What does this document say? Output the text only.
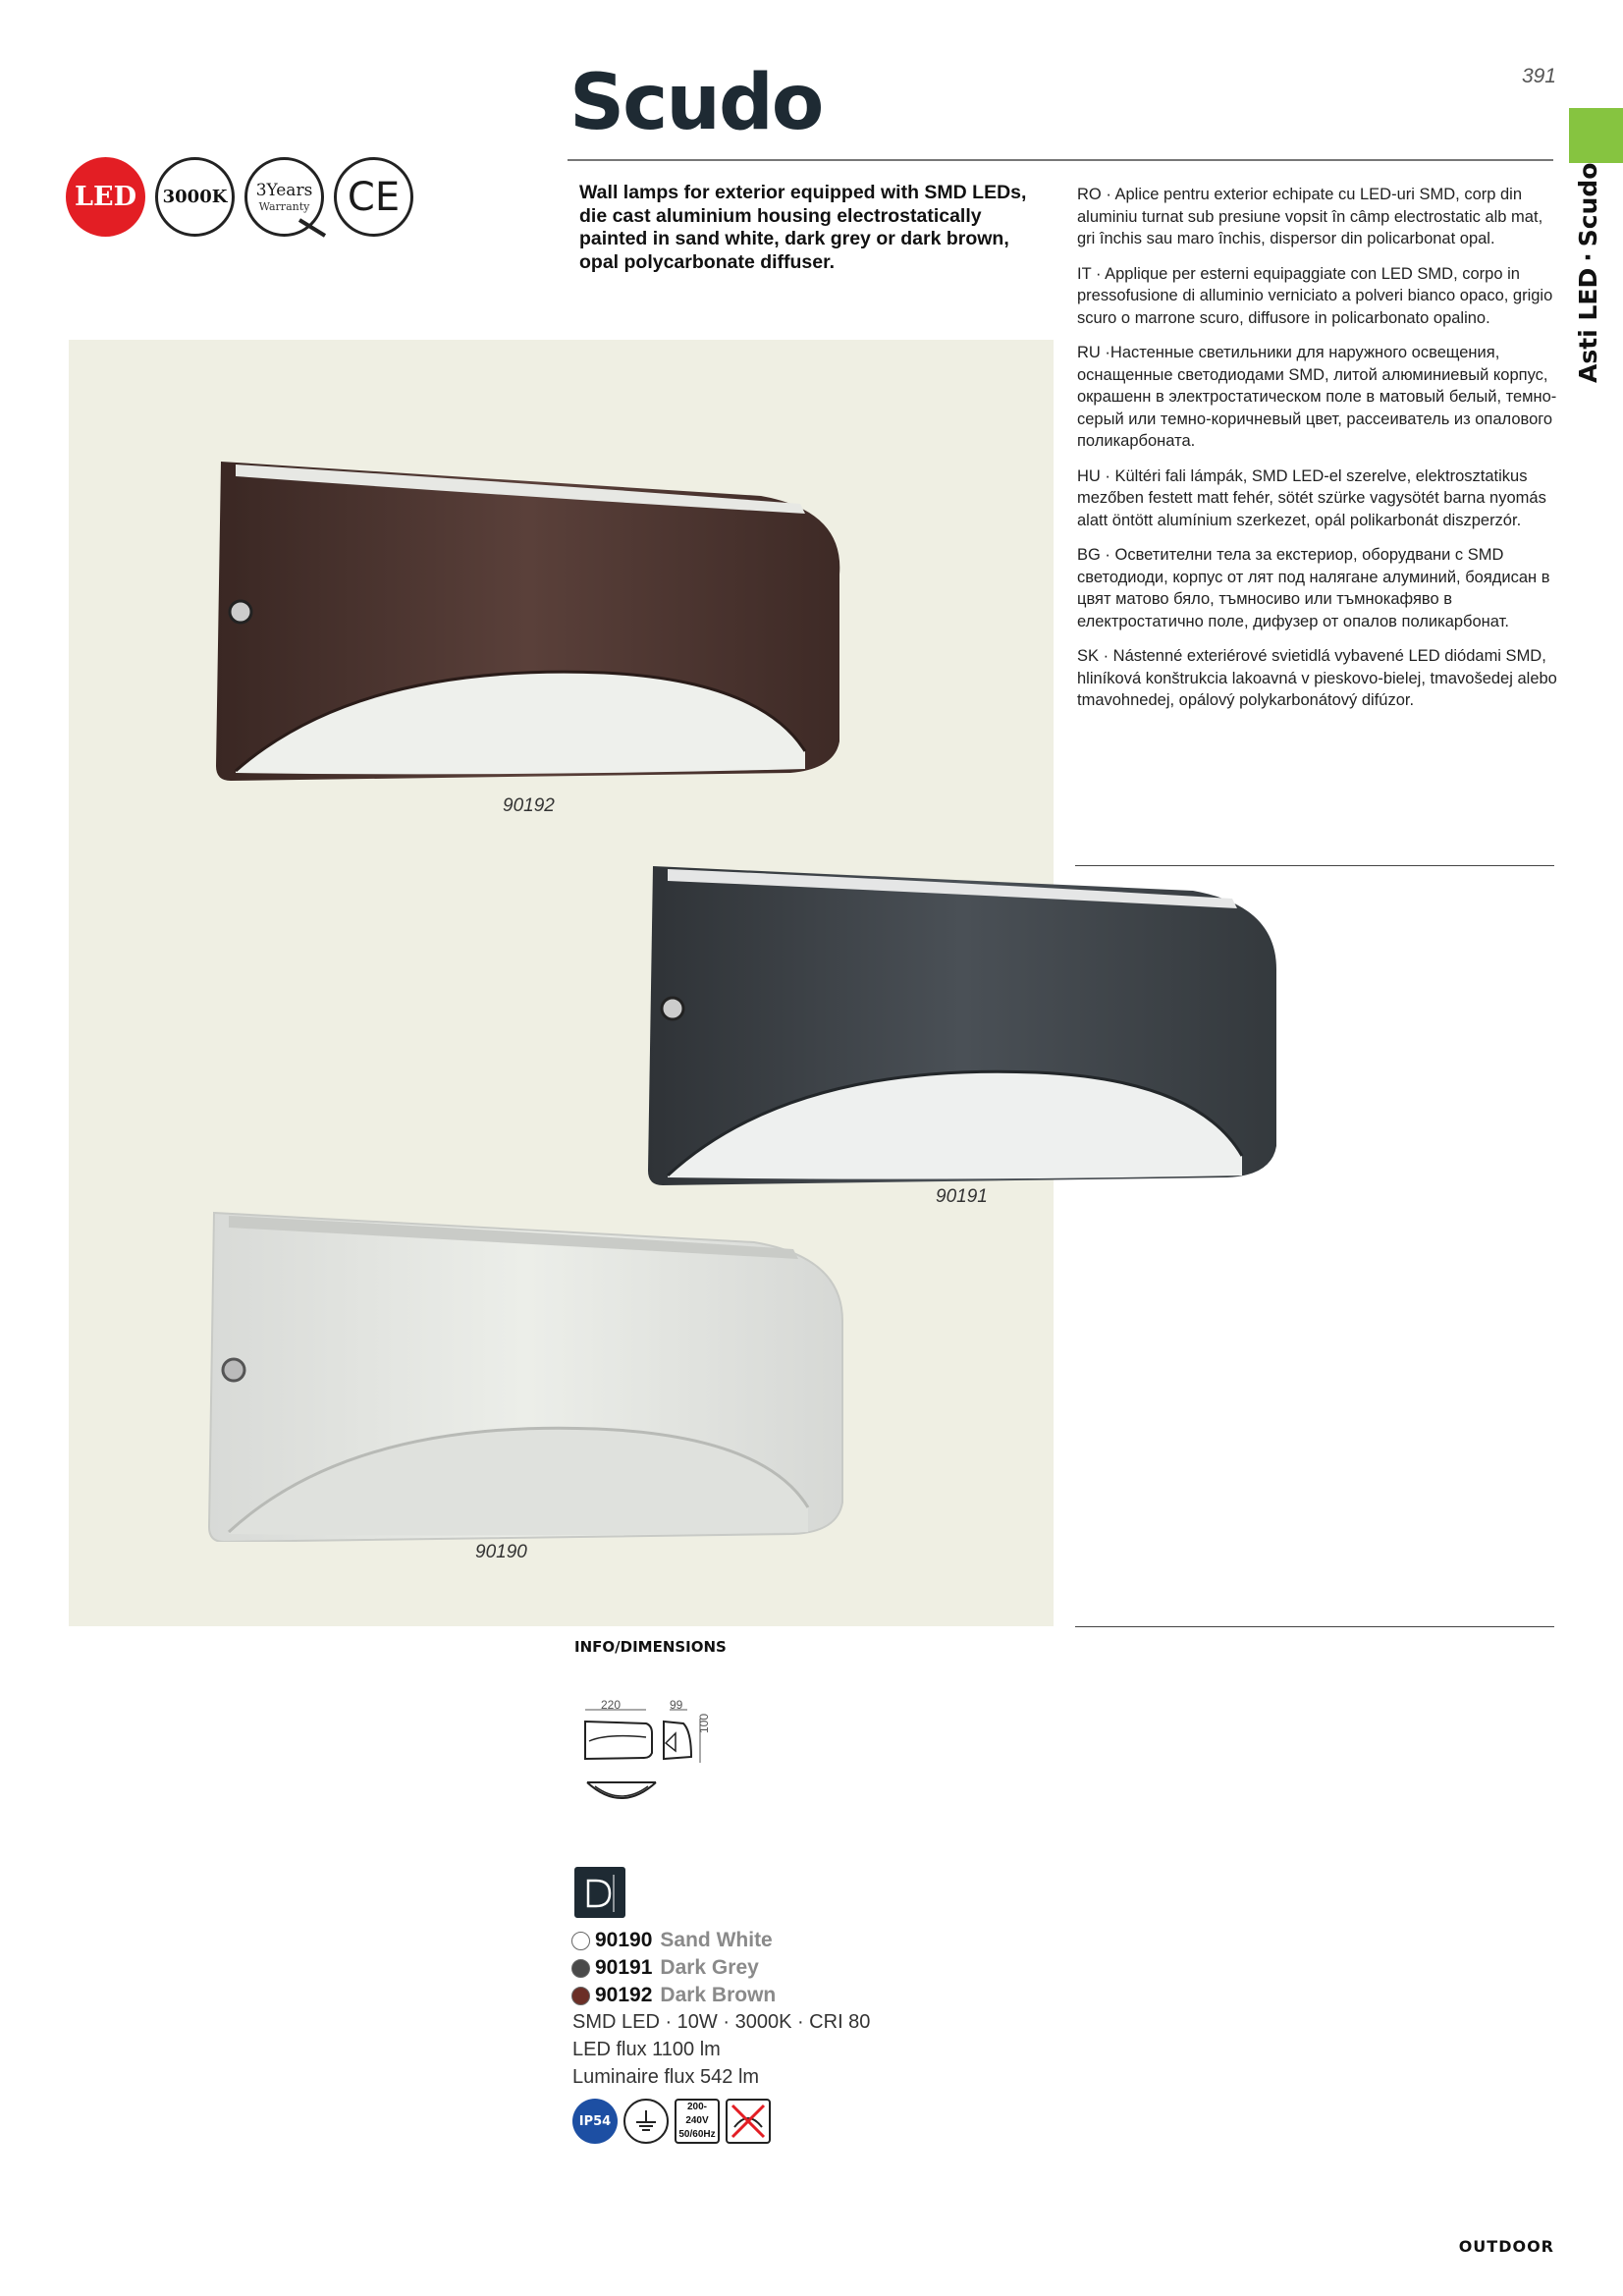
391
Scudo
Asti LED
·
Scudo
LED 3000K 3Years
Warranty CE	Wall lamps for exterior equipped with SMD LEDs, die cast aluminium housing electrostatically painted in sand white, dark grey or dark brown, opal polycarbonate diffuser.

RO · Aplice pentru exterior echipate cu LED-uri SMD, corp din aluminiu turnat sub presiune vopsit în câmp electrostatic alb mat, gri închis sau maro închis, dispersor din policarbonat opal.

IT · Applique per esterni equipaggiate con LED SMD, corpo in pressofusione di alluminio verniciato a polveri bianco opaco, grigio scuro o marrone scuro, diffusore in policarbonato opalino.

RU ·Настенные светильники для наружного освещения, оснащенные светодиодами SMD, литой алюминиевый корпус, окрашенн в электростатическом поле в матовый белый, темно-серый или темно-коричневый цвет, рассеиватель из опалового поликарбоната.

HU · Kültéri fali lámpák, SMD LED-el szerelve, elektrosztatikus mezőben festett matt fehér, sötét szürke vagysötét barna nyomás alatt öntött alumínium szerkezet, opál polikarbonát diszperzór.

BG · Осветителни тела за екстериор, оборудвани с SMD светодиоди, корпус от лят под налягане алуминий, боядисан в цвят матово бяло, тъмносиво или тъмнокафяво в електростатично поле, дифузер от опалов поликарбонат.

SK · Nástenné exteriérové svietidlá vybavené LED diódami SMD, hliníková konštrukcia lakoavná v pieskovo-bielej, tmavošedej alebo tmavohnedej, opálový polykarbonátový difúzor.

90192
90191
90190
INFO/DIMENSIONS
220	99
100
90190 Sand White
90191 Dark Grey
90192 Dark Brown
SMD LED · 10W · 3000K · CRI 80
LED flux 1100 lm
Luminaire flux 542 lm
IP54
200-240V
50/60Hz
OUTDOOR
